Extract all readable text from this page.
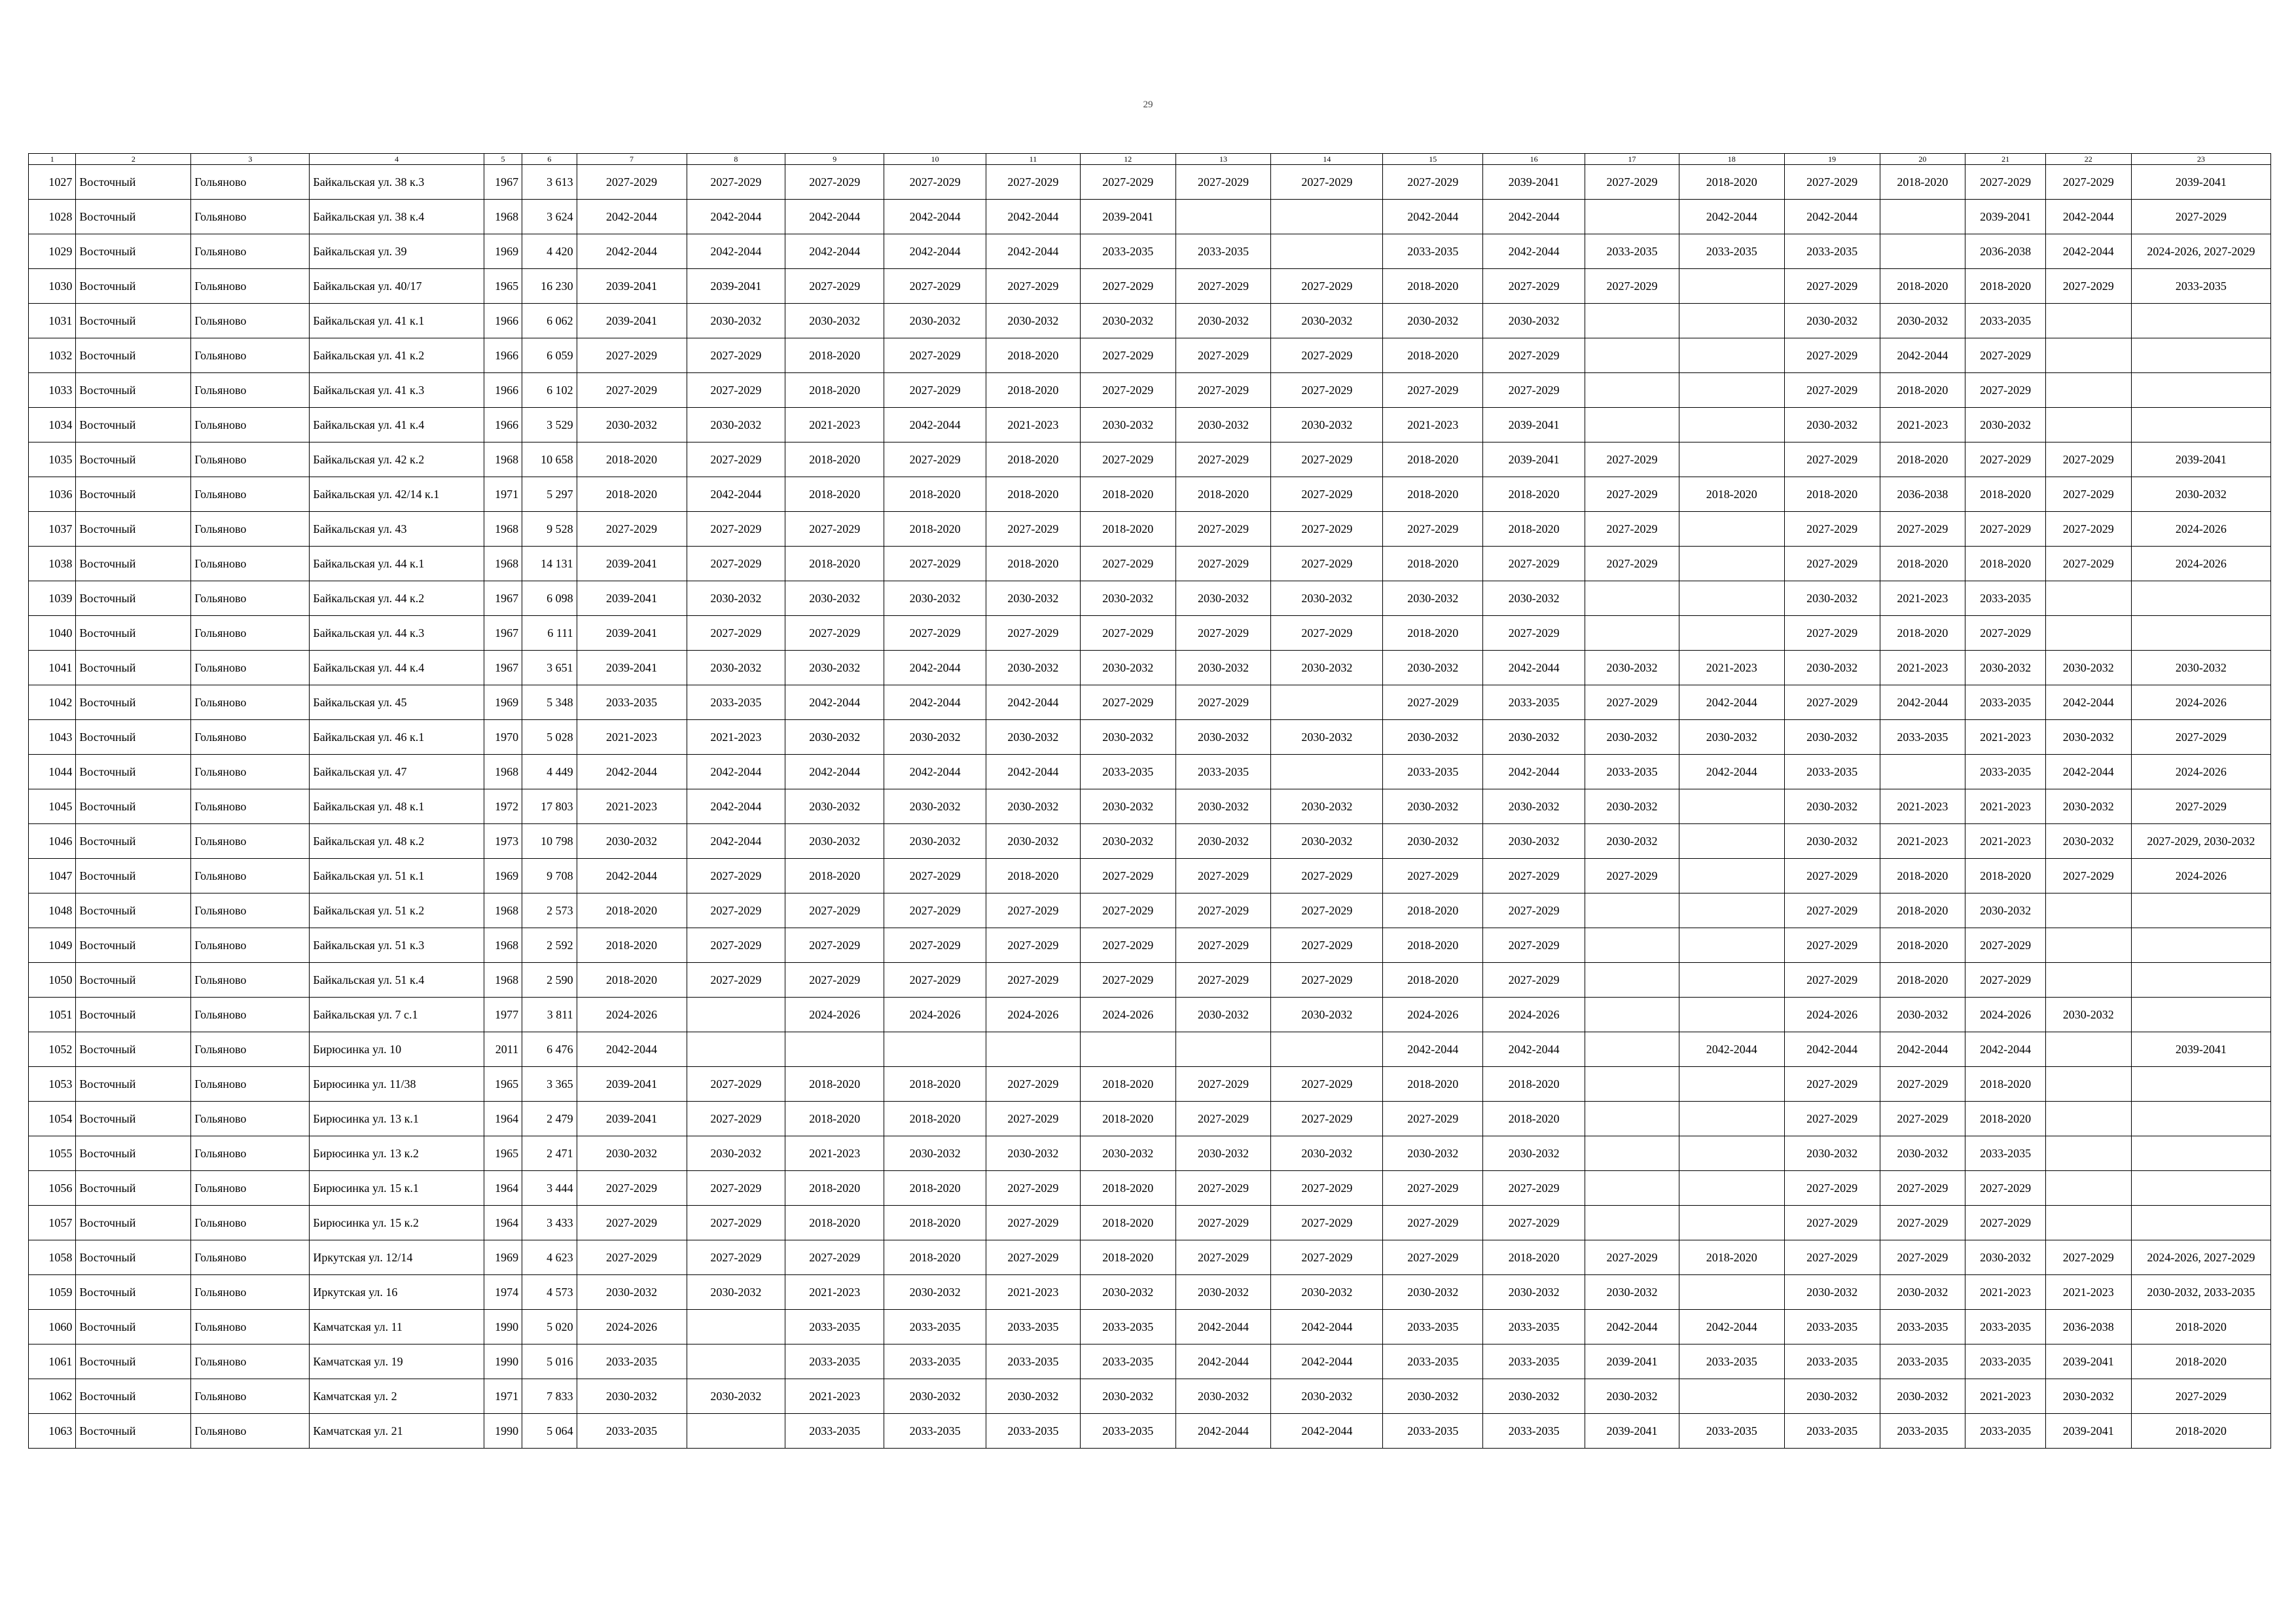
29
1	2	3	4	5	6	7	8	9	10	11	12	13	14	15	16	17	18	19	20	21	22	23
1027	Восточный	Гольяново	Байкальская ул. 38 к.3	1967	3 613	2027-2029	2027-2029	2027-2029	2027-2029	2027-2029	2027-2029	2027-2029	2027-2029	2027-2029	2039-2041	2027-2029	2018-2020	2027-2029	2018-2020	2027-2029	2027-2029	2039-2041
1028	Восточный	Гольяново	Байкальская ул. 38 к.4	1968	3 624	2042-2044	2042-2044	2042-2044	2042-2044	2042-2044	2039-2041			2042-2044	2042-2044		2042-2044	2042-2044		2039-2041	2042-2044	2027-2029
1029	Восточный	Гольяново	Байкальская ул. 39	1969	4 420	2042-2044	2042-2044	2042-2044	2042-2044	2042-2044	2033-2035	2033-2035		2033-2035	2042-2044	2033-2035	2033-2035	2033-2035		2036-2038	2042-2044	2024-2026, 2027-2029
1030	Восточный	Гольяново	Байкальская ул. 40/17	1965	16 230	2039-2041	2039-2041	2027-2029	2027-2029	2027-2029	2027-2029	2027-2029	2027-2029	2018-2020	2027-2029	2027-2029		2027-2029	2018-2020	2018-2020	2027-2029	2033-2035
1031	Восточный	Гольяново	Байкальская ул. 41 к.1	1966	6 062	2039-2041	2030-2032	2030-2032	2030-2032	2030-2032	2030-2032	2030-2032	2030-2032	2030-2032	2030-2032			2030-2032	2030-2032	2033-2035		
1032	Восточный	Гольяново	Байкальская ул. 41 к.2	1966	6 059	2027-2029	2027-2029	2018-2020	2027-2029	2018-2020	2027-2029	2027-2029	2027-2029	2018-2020	2027-2029			2027-2029	2042-2044	2027-2029		
1033	Восточный	Гольяново	Байкальская ул. 41 к.3	1966	6 102	2027-2029	2027-2029	2018-2020	2027-2029	2018-2020	2027-2029	2027-2029	2027-2029	2027-2029	2027-2029			2027-2029	2018-2020	2027-2029		
1034	Восточный	Гольяново	Байкальская ул. 41 к.4	1966	3 529	2030-2032	2030-2032	2021-2023	2042-2044	2021-2023	2030-2032	2030-2032	2030-2032	2021-2023	2039-2041			2030-2032	2021-2023	2030-2032		
1035	Восточный	Гольяново	Байкальская ул. 42 к.2	1968	10 658	2018-2020	2027-2029	2018-2020	2027-2029	2018-2020	2027-2029	2027-2029	2027-2029	2018-2020	2039-2041	2027-2029		2027-2029	2018-2020	2027-2029	2027-2029	2039-2041
1036	Восточный	Гольяново	Байкальская ул. 42/14 к.1	1971	5 297	2018-2020	2042-2044	2018-2020	2018-2020	2018-2020	2018-2020	2018-2020	2027-2029	2018-2020	2018-2020	2027-2029	2018-2020	2018-2020	2036-2038	2018-2020	2027-2029	2030-2032
1037	Восточный	Гольяново	Байкальская ул. 43	1968	9 528	2027-2029	2027-2029	2027-2029	2018-2020	2027-2029	2018-2020	2027-2029	2027-2029	2027-2029	2018-2020	2027-2029		2027-2029	2027-2029	2027-2029	2027-2029	2024-2026
1038	Восточный	Гольяново	Байкальская ул. 44 к.1	1968	14 131	2039-2041	2027-2029	2018-2020	2027-2029	2018-2020	2027-2029	2027-2029	2027-2029	2018-2020	2027-2029	2027-2029		2027-2029	2018-2020	2018-2020	2027-2029	2024-2026
1039	Восточный	Гольяново	Байкальская ул. 44 к.2	1967	6 098	2039-2041	2030-2032	2030-2032	2030-2032	2030-2032	2030-2032	2030-2032	2030-2032	2030-2032	2030-2032			2030-2032	2021-2023	2033-2035		
1040	Восточный	Гольяново	Байкальская ул. 44 к.3	1967	6 111	2039-2041	2027-2029	2027-2029	2027-2029	2027-2029	2027-2029	2027-2029	2027-2029	2018-2020	2027-2029			2027-2029	2018-2020	2027-2029		
1041	Восточный	Гольяново	Байкальская ул. 44 к.4	1967	3 651	2039-2041	2030-2032	2030-2032	2042-2044	2030-2032	2030-2032	2030-2032	2030-2032	2030-2032	2042-2044	2030-2032	2021-2023	2030-2032	2021-2023	2030-2032	2030-2032	2030-2032
1042	Восточный	Гольяново	Байкальская ул. 45	1969	5 348	2033-2035	2033-2035	2042-2044	2042-2044	2042-2044	2027-2029	2027-2029		2027-2029	2033-2035	2027-2029	2042-2044	2027-2029	2042-2044	2033-2035	2042-2044	2024-2026
1043	Восточный	Гольяново	Байкальская ул. 46 к.1	1970	5 028	2021-2023	2021-2023	2030-2032	2030-2032	2030-2032	2030-2032	2030-2032	2030-2032	2030-2032	2030-2032	2030-2032	2030-2032	2030-2032	2033-2035	2021-2023	2030-2032	2027-2029
1044	Восточный	Гольяново	Байкальская ул. 47	1968	4 449	2042-2044	2042-2044	2042-2044	2042-2044	2042-2044	2033-2035	2033-2035		2033-2035	2042-2044	2033-2035	2042-2044	2033-2035		2033-2035	2042-2044	2024-2026
1045	Восточный	Гольяново	Байкальская ул. 48 к.1	1972	17 803	2021-2023	2042-2044	2030-2032	2030-2032	2030-2032	2030-2032	2030-2032	2030-2032	2030-2032	2030-2032	2030-2032		2030-2032	2021-2023	2021-2023	2030-2032	2027-2029
1046	Восточный	Гольяново	Байкальская ул. 48 к.2	1973	10 798	2030-2032	2042-2044	2030-2032	2030-2032	2030-2032	2030-2032	2030-2032	2030-2032	2030-2032	2030-2032	2030-2032		2030-2032	2021-2023	2021-2023	2030-2032	2027-2029, 2030-2032
1047	Восточный	Гольяново	Байкальская ул. 51 к.1	1969	9 708	2042-2044	2027-2029	2018-2020	2027-2029	2018-2020	2027-2029	2027-2029	2027-2029	2027-2029	2027-2029	2027-2029		2027-2029	2018-2020	2018-2020	2027-2029	2024-2026
1048	Восточный	Гольяново	Байкальская ул. 51 к.2	1968	2 573	2018-2020	2027-2029	2027-2029	2027-2029	2027-2029	2027-2029	2027-2029	2027-2029	2018-2020	2027-2029			2027-2029	2018-2020	2030-2032		
1049	Восточный	Гольяново	Байкальская ул. 51 к.3	1968	2 592	2018-2020	2027-2029	2027-2029	2027-2029	2027-2029	2027-2029	2027-2029	2027-2029	2018-2020	2027-2029			2027-2029	2018-2020	2027-2029		
1050	Восточный	Гольяново	Байкальская ул. 51 к.4	1968	2 590	2018-2020	2027-2029	2027-2029	2027-2029	2027-2029	2027-2029	2027-2029	2027-2029	2018-2020	2027-2029			2027-2029	2018-2020	2027-2029		
1051	Восточный	Гольяново	Байкальская ул. 7 с.1	1977	3 811	2024-2026		2024-2026	2024-2026	2024-2026	2024-2026	2030-2032	2030-2032	2024-2026	2024-2026			2024-2026	2030-2032	2024-2026	2030-2032	
1052	Восточный	Гольяново	Бирюсинка ул. 10	2011	6 476	2042-2044								2042-2044	2042-2044		2042-2044	2042-2044	2042-2044	2042-2044		2039-2041
1053	Восточный	Гольяново	Бирюсинка ул. 11/38	1965	3 365	2039-2041	2027-2029	2018-2020	2018-2020	2027-2029	2018-2020	2027-2029	2027-2029	2018-2020	2018-2020			2027-2029	2027-2029	2018-2020		
1054	Восточный	Гольяново	Бирюсинка ул. 13 к.1	1964	2 479	2039-2041	2027-2029	2018-2020	2018-2020	2027-2029	2018-2020	2027-2029	2027-2029	2027-2029	2018-2020			2027-2029	2027-2029	2018-2020		
1055	Восточный	Гольяново	Бирюсинка ул. 13 к.2	1965	2 471	2030-2032	2030-2032	2021-2023	2030-2032	2030-2032	2030-2032	2030-2032	2030-2032	2030-2032	2030-2032			2030-2032	2030-2032	2033-2035		
1056	Восточный	Гольяново	Бирюсинка ул. 15 к.1	1964	3 444	2027-2029	2027-2029	2018-2020	2018-2020	2027-2029	2018-2020	2027-2029	2027-2029	2027-2029	2027-2029			2027-2029	2027-2029	2027-2029		
1057	Восточный	Гольяново	Бирюсинка ул. 15 к.2	1964	3 433	2027-2029	2027-2029	2018-2020	2018-2020	2027-2029	2018-2020	2027-2029	2027-2029	2027-2029	2027-2029			2027-2029	2027-2029	2027-2029		
1058	Восточный	Гольяново	Иркутская ул. 12/14	1969	4 623	2027-2029	2027-2029	2027-2029	2018-2020	2027-2029	2018-2020	2027-2029	2027-2029	2027-2029	2018-2020	2027-2029	2018-2020	2027-2029	2027-2029	2030-2032	2027-2029	2024-2026, 2027-2029
1059	Восточный	Гольяново	Иркутская ул. 16	1974	4 573	2030-2032	2030-2032	2021-2023	2030-2032	2021-2023	2030-2032	2030-2032	2030-2032	2030-2032	2030-2032	2030-2032		2030-2032	2030-2032	2021-2023	2021-2023	2030-2032, 2033-2035
1060	Восточный	Гольяново	Камчатская ул. 11	1990	5 020	2024-2026		2033-2035	2033-2035	2033-2035	2033-2035	2042-2044	2042-2044	2033-2035	2033-2035	2042-2044	2042-2044	2033-2035	2033-2035	2033-2035	2036-2038	2018-2020
1061	Восточный	Гольяново	Камчатская ул. 19	1990	5 016	2033-2035		2033-2035	2033-2035	2033-2035	2033-2035	2042-2044	2042-2044	2033-2035	2033-2035	2039-2041	2033-2035	2033-2035	2033-2035	2033-2035	2039-2041	2018-2020
1062	Восточный	Гольяново	Камчатская ул. 2	1971	7 833	2030-2032	2030-2032	2021-2023	2030-2032	2030-2032	2030-2032	2030-2032	2030-2032	2030-2032	2030-2032	2030-2032		2030-2032	2030-2032	2021-2023	2030-2032	2027-2029
1063	Восточный	Гольяново	Камчатская ул. 21	1990	5 064	2033-2035		2033-2035	2033-2035	2033-2035	2033-2035	2042-2044	2042-2044	2033-2035	2033-2035	2039-2041	2033-2035	2033-2035	2033-2035	2033-2035	2039-2041	2018-2020
